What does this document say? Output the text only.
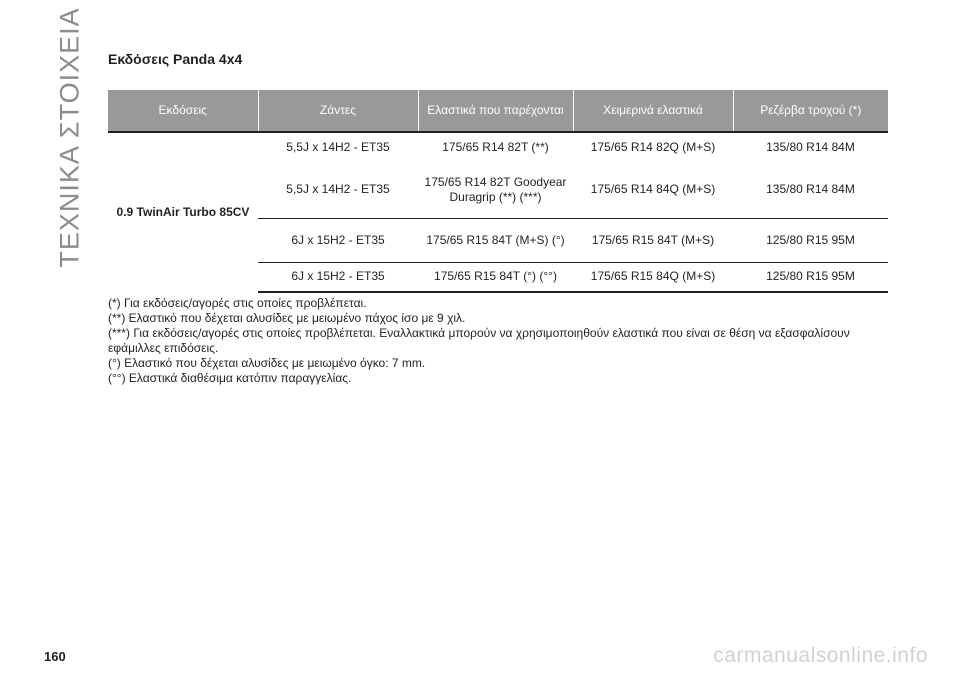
ΤΕΧΝΙΚΑ ΣΤΟΙΧΕΙΑ Εκδόσεις Panda 4x4
Εκδόσεις	Ζάντες	Ελαστικά που παρέχονται	Χειμερινά ελαστικά	Ρεζέρβα τροχού (*)
0.9 TwinAir Turbo 85CV	5,5J x 14H2 - ET35	175/65 R14 82T (**)	175/65 R14 82Q (M+S)	135/80 R14 84M
	5,5J x 14H2 - ET35	175/65 R14 82T Goodyear Duragrip (**) (***)	175/65 R14 84Q (M+S)	135/80 R14 84M
	6J x 15H2 - ET35	175/65 R15 84T (M+S) (°)	175/65 R15 84T (M+S)	125/80 R15 95M
	6J x 15H2 - ET35	175/65 R15 84T (°) (°°)	175/65 R15 84Q (M+S)	125/80 R15 95M
(*) Για εκδόσεις/αγορές στις οποίες προβλέπεται.
(**) Ελαστικό που δέχεται αλυσίδες με μειωμένο πάχος ίσο με 9 χιλ.
(***) Για εκδόσεις/αγορές στις οποίες προβλέπεται. Εναλλακτικά μπορούν να χρησιμοποιηθούν ελαστικά που είναι σε θέση να εξασφαλίσουν εφάμιλλες επιδόσεις.
(°) Ελαστικό που δέχεται αλυσίδες με μειωμένο όγκο: 7 mm.
(°°) Ελαστικά διαθέσιμα κατόπιν παραγγελίας.
160	carmanualsonline.info
